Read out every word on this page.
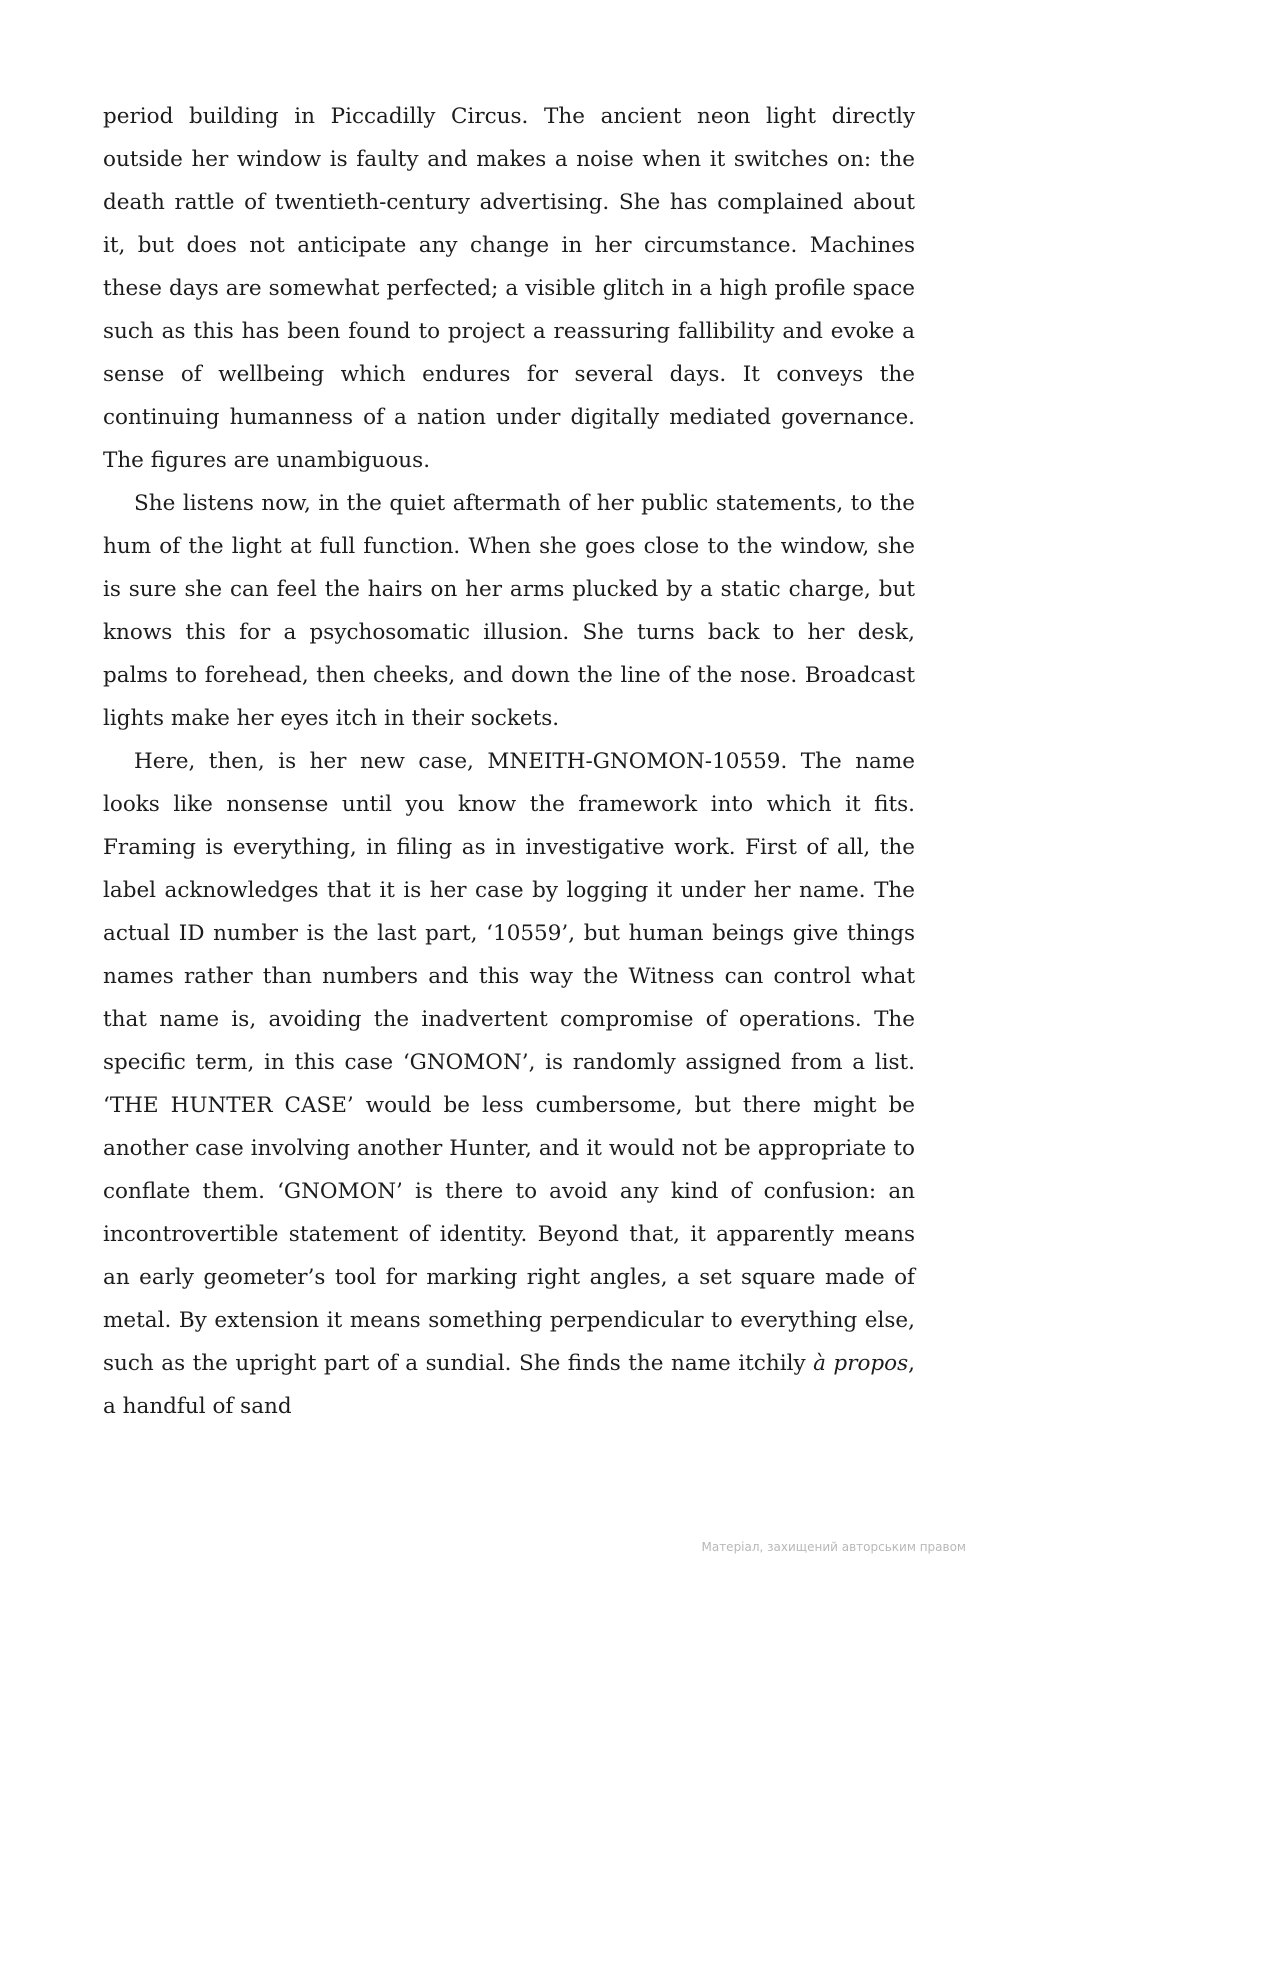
period building in Piccadilly Circus. The ancient neon light directly outside her window is faulty and makes a noise when it switches on: the death rattle of twentieth-century advertising. She has complained about it, but does not anticipate any change in her circumstance. Machines these days are somewhat perfected; a visible glitch in a high profile space such as this has been found to project a reassuring fallibility and evoke a sense of wellbeing which endures for several days. It conveys the continuing humanness of a nation under digitally mediated governance. The figures are unambiguous.

She listens now, in the quiet aftermath of her public statements, to the hum of the light at full function. When she goes close to the window, she is sure she can feel the hairs on her arms plucked by a static charge, but knows this for a psychosomatic illusion. She turns back to her desk, palms to forehead, then cheeks, and down the line of the nose. Broadcast lights make her eyes itch in their sockets.

Here, then, is her new case, MNEITH-GNOMON-10559. The name looks like nonsense until you know the framework into which it fits. Framing is everything, in filing as in investigative work. First of all, the label acknowledges that it is her case by logging it under her name. The actual ID number is the last part, ‘10559’, but human beings give things names rather than numbers and this way the Witness can control what that name is, avoiding the inadvertent compromise of operations. The specific term, in this case ‘GNOMON’, is randomly assigned from a list. ‘THE HUNTER CASE’ would be less cumbersome, but there might be another case involving another Hunter, and it would not be appropriate to conflate them. ‘GNOMON’ is there to avoid any kind of confusion: an incontrovertible statement of identity. Beyond that, it apparently means an early geometer’s tool for marking right angles, a set square made of metal. By extension it means something perpendicular to everything else, such as the upright part of a sundial. She finds the name itchily à propos, a handful of sand

Матеріал, захищений авторським правом
